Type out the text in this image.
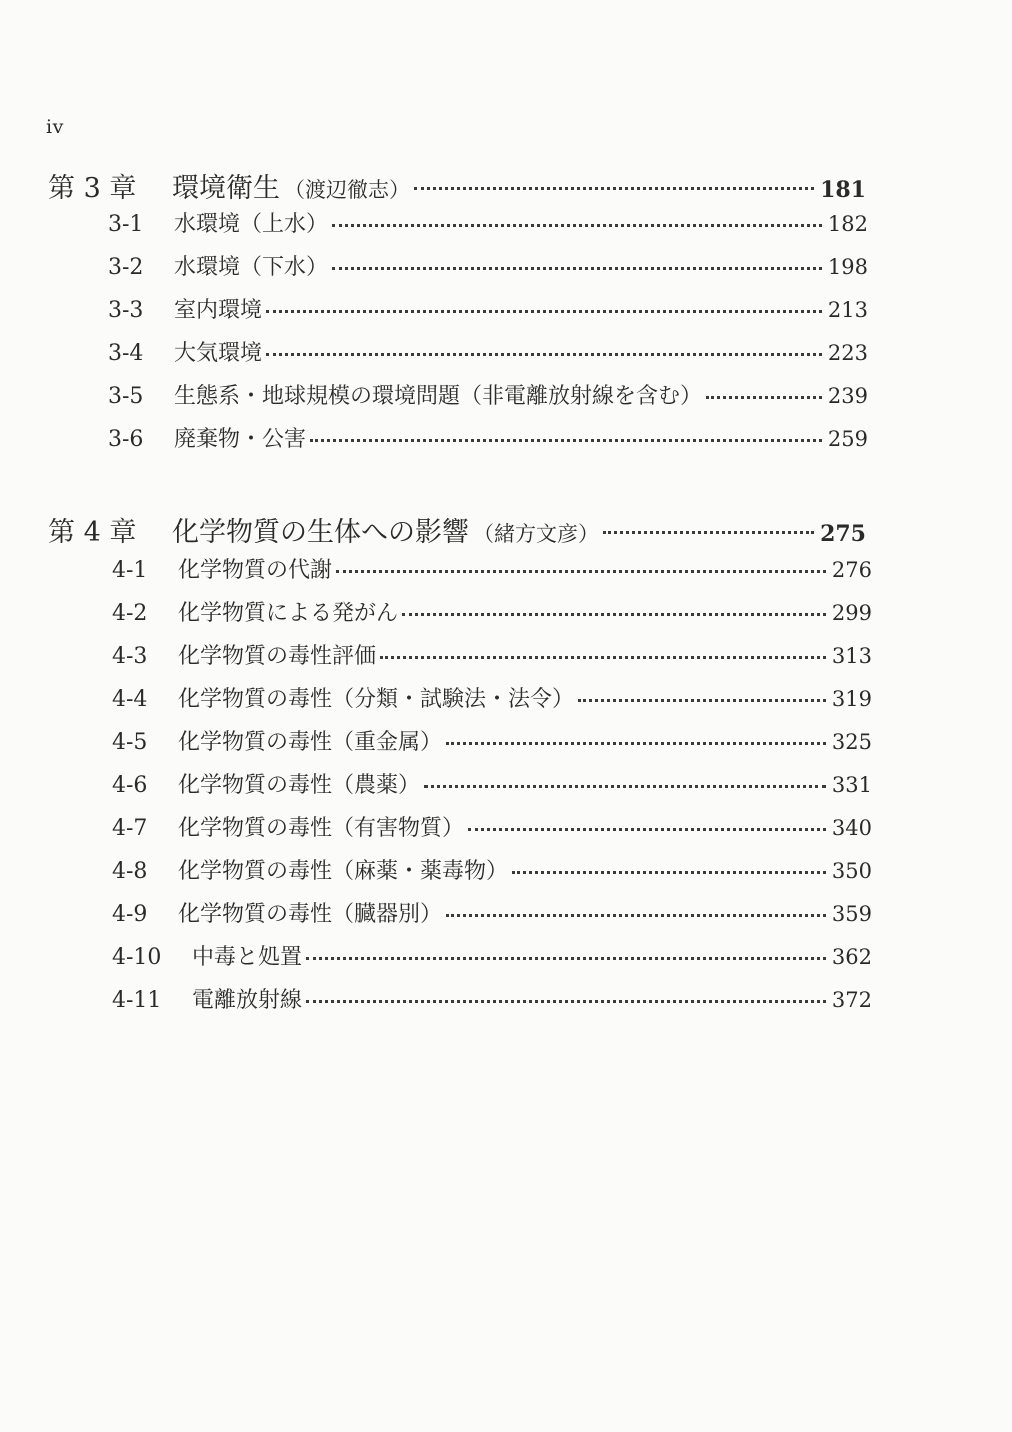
iv
第 3 章	環境衛生 （渡辺徹志）	181
3-1	水環境（上水）	182
3-2	水環境（下水）	198
3-3	室内環境	213
3-4	大気環境	223
3-5	生態系・地球規模の環境問題（非電離放射線を含む）	239
3-6	廃棄物・公害	259
第 4 章	化学物質の生体への影響 （緒方文彦）	275
4-1	化学物質の代謝	276
4-2	化学物質による発がん	299
4-3	化学物質の毒性評価	313
4-4	化学物質の毒性（分類・試験法・法令）	319
4-5	化学物質の毒性（重金属）	325
4-6	化学物質の毒性（農薬）	331
4-7	化学物質の毒性（有害物質）	340
4-8	化学物質の毒性（麻薬・薬毒物）	350
4-9	化学物質の毒性（臓器別）	359
4-10	中毒と処置	362
4-11	電離放射線	372
